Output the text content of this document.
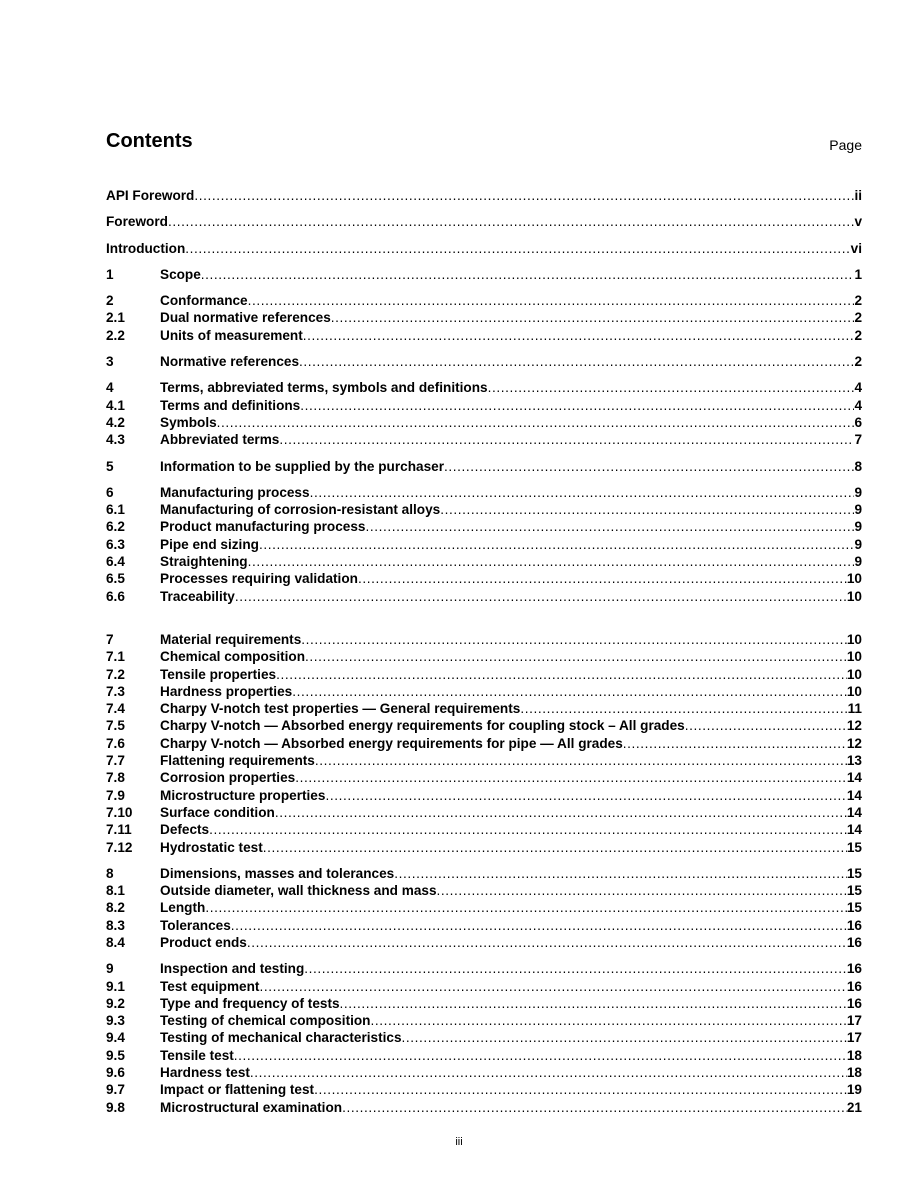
Contents	Page
API Foreword .....	ii
Foreword .....	v
Introduction .....	vi
1	Scope .....	1
2	Conformance .....	2
2.1	Dual normative references .....	2
2.2	Units of measurement .....	2
3	Normative references .....	2
4	Terms, abbreviated terms, symbols and definitions .....	4
4.1	Terms and definitions .....	4
4.2	Symbols .....	6
4.3	Abbreviated terms .....	7
5	Information to be supplied by the purchaser .....	8
6	Manufacturing process .....	9
6.1	Manufacturing of corrosion-resistant alloys .....	9
6.2	Product manufacturing process .....	9
6.3	Pipe end sizing .....	9
6.4	Straightening .....	9
6.5	Processes requiring validation .....	10
6.6	Traceability .....	10
7	Material requirements .....	10
7.1	Chemical composition .....	10
7.2	Tensile properties .....	10
7.3	Hardness properties .....	10
7.4	Charpy V-notch test properties — General requirements .....	11
7.5	Charpy V-notch — Absorbed energy requirements for coupling stock – All grades .....	12
7.6	Charpy V-notch — Absorbed energy requirements for pipe — All grades .....	12
7.7	Flattening requirements .....	13
7.8	Corrosion properties .....	14
7.9	Microstructure properties .....	14
7.10	Surface condition .....	14
7.11	Defects .....	14
7.12	Hydrostatic test .....	15
8	Dimensions, masses and tolerances .....	15
8.1	Outside diameter, wall thickness and mass .....	15
8.2	Length .....	15
8.3	Tolerances .....	16
8.4	Product ends .....	16
9	Inspection and testing .....	16
9.1	Test equipment .....	16
9.2	Type and frequency of tests .....	16
9.3	Testing of chemical composition .....	17
9.4	Testing of mechanical characteristics .....	17
9.5	Tensile test .....	18
9.6	Hardness test .....	18
9.7	Impact or flattening test .....	19
9.8	Microstructural examination .....	21
iii
